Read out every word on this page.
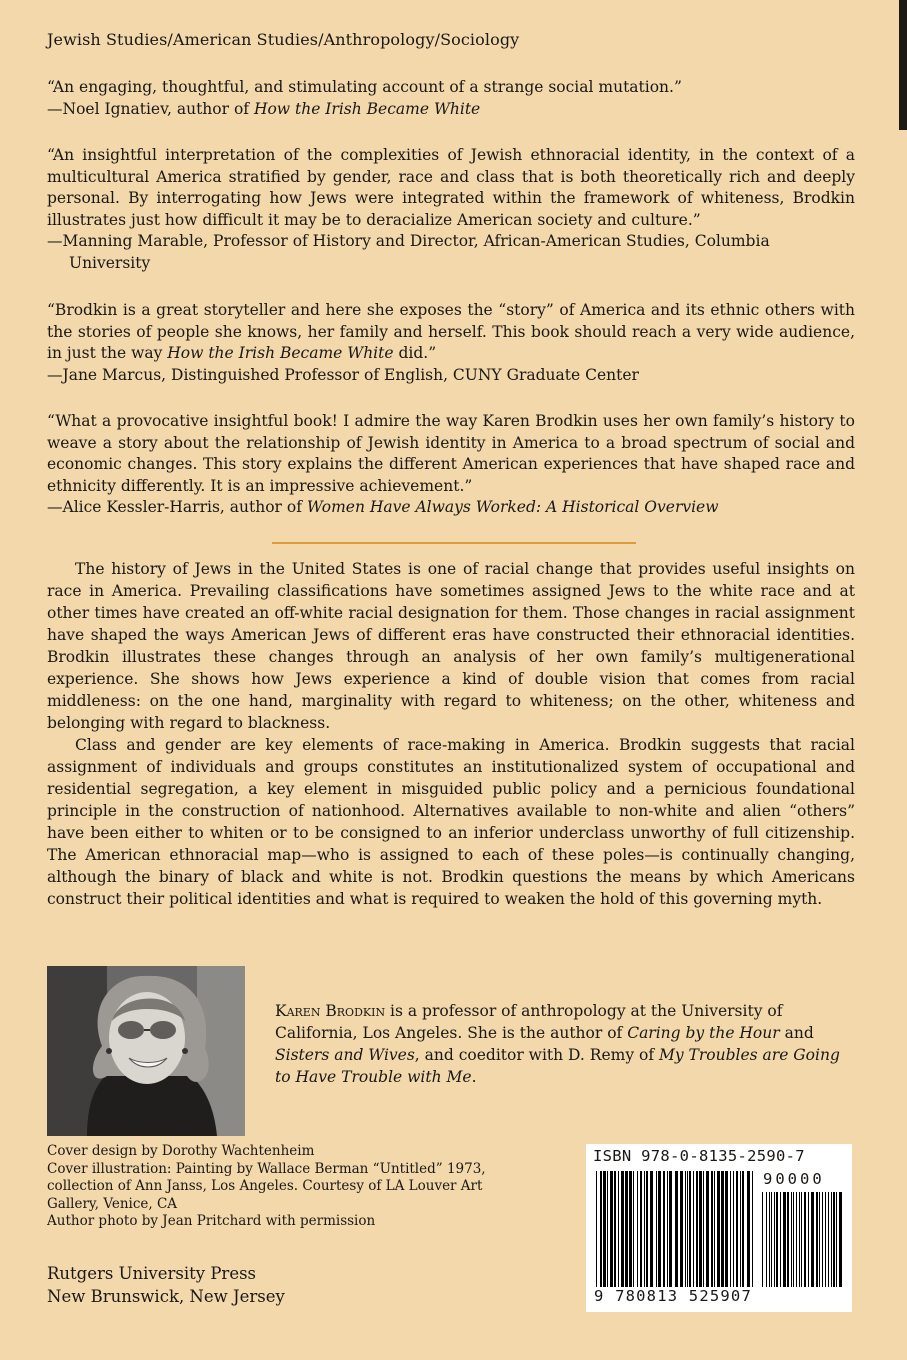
Jewish Studies/American Studies/Anthropology/Sociology

“An engaging, thoughtful, and stimulating account of a strange social mutation.”

—Noel Ignatiev, author of How the Irish Became White

“An insightful interpretation of the complexities of Jewish ethnoracial identity, in the context of a multicultural America stratified by gender, race and class that is both theoretically rich and deeply personal. By interrogating how Jews were integrated within the framework of whiteness, Brodkin illustrates just how difficult it may be to deracialize American society and culture.”

—Manning Marable, Professor of History and Director, African-American Studies, Columbia University

“Brodkin is a great storyteller and here she exposes the “story” of America and its ethnic others with the stories of people she knows, her family and herself. This book should reach a very wide audience, in just the way How the Irish Became White did.”

—Jane Marcus, Distinguished Professor of English, CUNY Graduate Center

“What a provocative insightful book! I admire the way Karen Brodkin uses her own family’s history to weave a story about the relationship of Jewish identity in America to a broad spectrum of social and economic changes. This story explains the different American experiences that have shaped race and ethnicity differently. It is an impressive achievement.”

—Alice Kessler-Harris, author of Women Have Always Worked: A Historical Overview

The history of Jews in the United States is one of racial change that provides useful insights on race in America. Prevailing classifications have sometimes assigned Jews to the white race and at other times have created an off-white racial designation for them. Those changes in racial assignment have shaped the ways American Jews of different eras have constructed their ethnoracial identities. Brodkin illustrates these changes through an analysis of her own family’s multigenerational experience. She shows how Jews experience a kind of double vision that comes from racial middleness: on the one hand, marginality with regard to whiteness; on the other, whiteness and belonging with regard to blackness.

Class and gender are key elements of race-making in America. Brodkin suggests that racial assignment of individuals and groups constitutes an institutionalized system of occupational and residential segregation, a key element in misguided public policy and a pernicious foundational principle in the construction of nationhood. Alternatives available to non-white and alien “others” have been either to whiten or to be consigned to an inferior underclass unworthy of full citizenship. The American ethnoracial map—who is assigned to each of these poles—is continually changing, although the binary of black and white is not. Brodkin questions the means by which Americans construct their political identities and what is required to weaken the hold of this governing myth.

Karen Brodkin is a professor of anthropology at the University of California, Los Angeles. She is the author of Caring by the Hour and Sisters and Wives, and coeditor with D. Remy of My Troubles are Going to Have Trouble with Me.
Cover design by Dorothy Wachtenheim
Cover illustration: Painting by Wallace Berman “Untitled” 1973, collection of Ann Janss, Los Angeles. Courtesy of LA Louver Art Gallery, Venice, CA
Author photo by Jean Pritchard with permission
Rutgers University Press
New Brunswick, New Jersey
ISBN 978-0-8135-2590-7
90000
9 780813 525907
